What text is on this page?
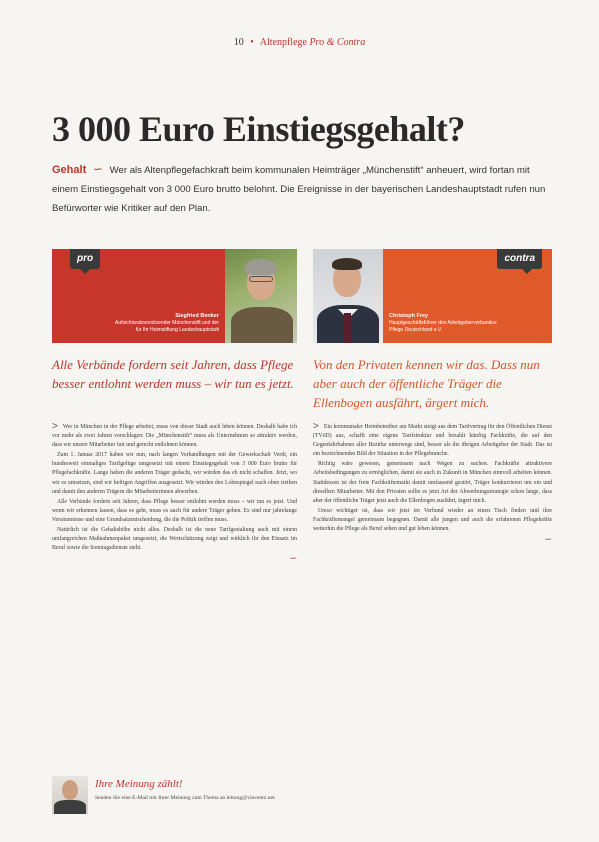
10 • Altenpflege Pro & Contra
3 000 Euro Einstiegsgehalt?
Gehalt ∽ Wer als Altenpflegefachkraft beim kommunalen Heimträger „Münchenstift“ anheuert, wird fortan mit einem Einstiegsgehalt von 3 000 Euro brutto belohnt. Die Ereignisse in der bayerischen Landeshauptstadt rufen nun Befürworter wie Kritiker auf den Plan.
pro
Siegfried Benker
Aufsichtsratsvorsitzender Münchenstift und der
für Ihr Heimstiftung Landeshauptstadt
Christoph Frey
Hauptgeschäftsführer des Arbeitgeberverbandes
Pflege Deutschland e.V.
contra
Alle Verbände fordern seit Jahren, dass Pflege besser entlohnt werden muss – wir tun es jetzt.
Von den Privaten kennen wir das. Dass nun aber auch der öffentliche Träger die Ellenbogen ausfährt, ärgert mich.
> Wer in München in der Pflege arbeitet, muss von dieser Stadt auch leben können. Deshalb habe ich vor mehr als zwei Jahren vorschlagen: Die „Münchenstift“ muss als Unternehmen so attraktiv werden, dass wir unsere Mitarbeiter fair und gerecht entlohnen können.

Zum 1. Januar 2017 haben wir nun, nach langen Verhandlungen mit der Gewerkschaft Verdi, ein bundesweit einmaliges Tarifgefüge umgesetzt mit einem Einstiegsgehalt von 3 000 Euro brutto für Pflegefachkräfte. Lange haben die anderen Träger gedacht, wir würden das eh nicht schaffen. Jetzt, wo wir es umsetzen, sind wir heftigen Angriffen ausgesetzt. Wir würden den Lohnspiegel nach oben treiben und damit den anderen Trägern die Mitarbeiterinnen abwerben.

Alle Verbände fordern seit Jahren, dass Pflege besser entlohnt werden muss – wir tun es jetzt. Und wenn wir erkennen lassen, dass es geht, muss es auch für andere Träger gehen. Es sind nur jahrelange Versäumnisse und eine Grundsatzentscheidung, die die Politik treffen muss.

Natürlich ist die Gehaltshöhe nicht alles. Deshalb ist die neue Tarifgestaltung auch mit einem umfangreichen Maßnahmenpaket umgesetzt, die Wertschätzung zeigt und wirklich für den Einsatz im Beruf sowie die Sonntagsdienste steht.

∽
> Ein kommunaler Heimbetreiber am Markt steigt aus dem Tarifvertrag für den Öffentlichen Dienst (TVöD) aus, schafft eine eigene Tarifstruktur und bezahlt künftig Fachkräfte, die auf den Gegenfahrbahnen aller Bezirke unterwegs sind, besser als die übrigen Arbeitgeber der Stadt. Das ist ein bezeichnendes Bild der Situation in der Pflegebranche.

Richtig wäre gewesen, gemeinsam nach Wegen zu suchen. Fachkräfte attraktivere Arbeitsbedingungen zu ermöglichen, damit sie auch in Zukunft in München sinnvoll arbeiten können. Stattdessen ist der freie Fachkräftemarkt damit umfassend gestört, Träger konkurrieren um ein und dieselben Mitarbeiter. Mit den Privaten sollte es jetzt Art der Abwerbungsstrategie schon lange, dass aber der öffentliche Träger jetzt auch die Ellenbogen ausfährt, ärgert mich.

Umso wichtiger ist, dass wir jetzt im Verbund wieder an einen Tisch finden und ihre Fachkräftemangel gemeinsam begegnen. Damit alle jungen und auch die erfahrenen Pflegekräfte weiterhin die Pflege als Beruf sehen und gut leben können.

∽
Ihre Meinung zählt!
Senden Sie eine E-Mail mit Ihrer Meinung zum Thema an leitung@vincentz.net.
